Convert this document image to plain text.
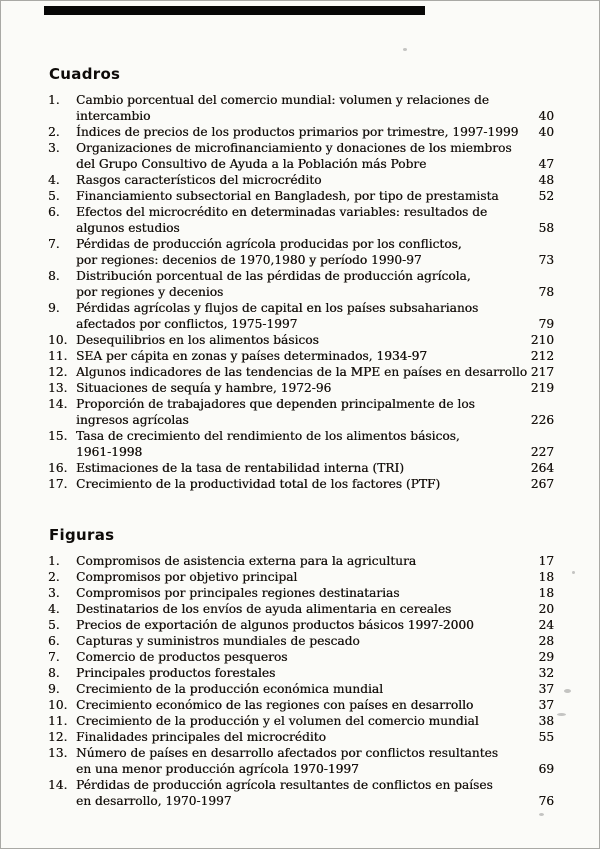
Cuadros
1.	Cambio porcentual del comercio mundial: volumen y relaciones de
intercambio	40
2.	Índices de precios de los productos primarios por trimestre, 1997-1999	40
3.	Organizaciones de microfinanciamiento y donaciones de los miembros
del Grupo Consultivo de Ayuda a la Población más Pobre	47
4.	Rasgos característicos del microcrédito	48
5.	Financiamiento subsectorial en Bangladesh, por tipo de prestamista	52
6.	Efectos del microcrédito en determinadas variables: resultados de
algunos estudios	58
7.	Pérdidas de producción agrícola producidas por los conflictos,
por regiones: decenios de 1970,1980 y período 1990-97	73
8.	Distribución porcentual de las pérdidas de producción agrícola,
por regiones y decenios	78
9.	Pérdidas agrícolas y flujos de capital en los países subsaharianos
afectados por conflictos, 1975-1997	79
10. Desequilibrios en los alimentos básicos	210
11. SEA per cápita en zonas y países determinados, 1934-97	212
12. Algunos indicadores de las tendencias de la MPE en países en desarrollo 217
13. Situaciones de sequía y hambre, 1972-96	219
14. Proporción de trabajadores que dependen principalmente de los
ingresos agrícolas	226
15. Tasa de crecimiento del rendimiento de los alimentos básicos,
1961-1998	227
16. Estimaciones de la tasa de rentabilidad interna (TRI)	264
17. Crecimiento de la productividad total de los factores (PTF)	267
Figuras
1.	Compromisos de asistencia externa para la agricultura	17
2.	Compromisos por objetivo principal	18
3.	Compromisos por principales regiones destinatarias	18
4.	Destinatarios de los envíos de ayuda alimentaria en cereales	20
5.	Precios de exportación de algunos productos básicos 1997-2000	24
6.	Capturas y suministros mundiales de pescado	28
7.	Comercio de productos pesqueros	29
8.	Principales productos forestales	32
9.	Crecimiento de la producción económica mundial	37
10. Crecimiento económico de las regiones con países en desarrollo	37
11. Crecimiento de la producción y el volumen del comercio mundial	38
12. Finalidades principales del microcrédito	55
13. Número de países en desarrollo afectados por conflictos resultantes
en una menor producción agrícola 1970-1997	69
14. Pérdidas de producción agrícola resultantes de conflictos en países
en desarrollo, 1970-1997	76
